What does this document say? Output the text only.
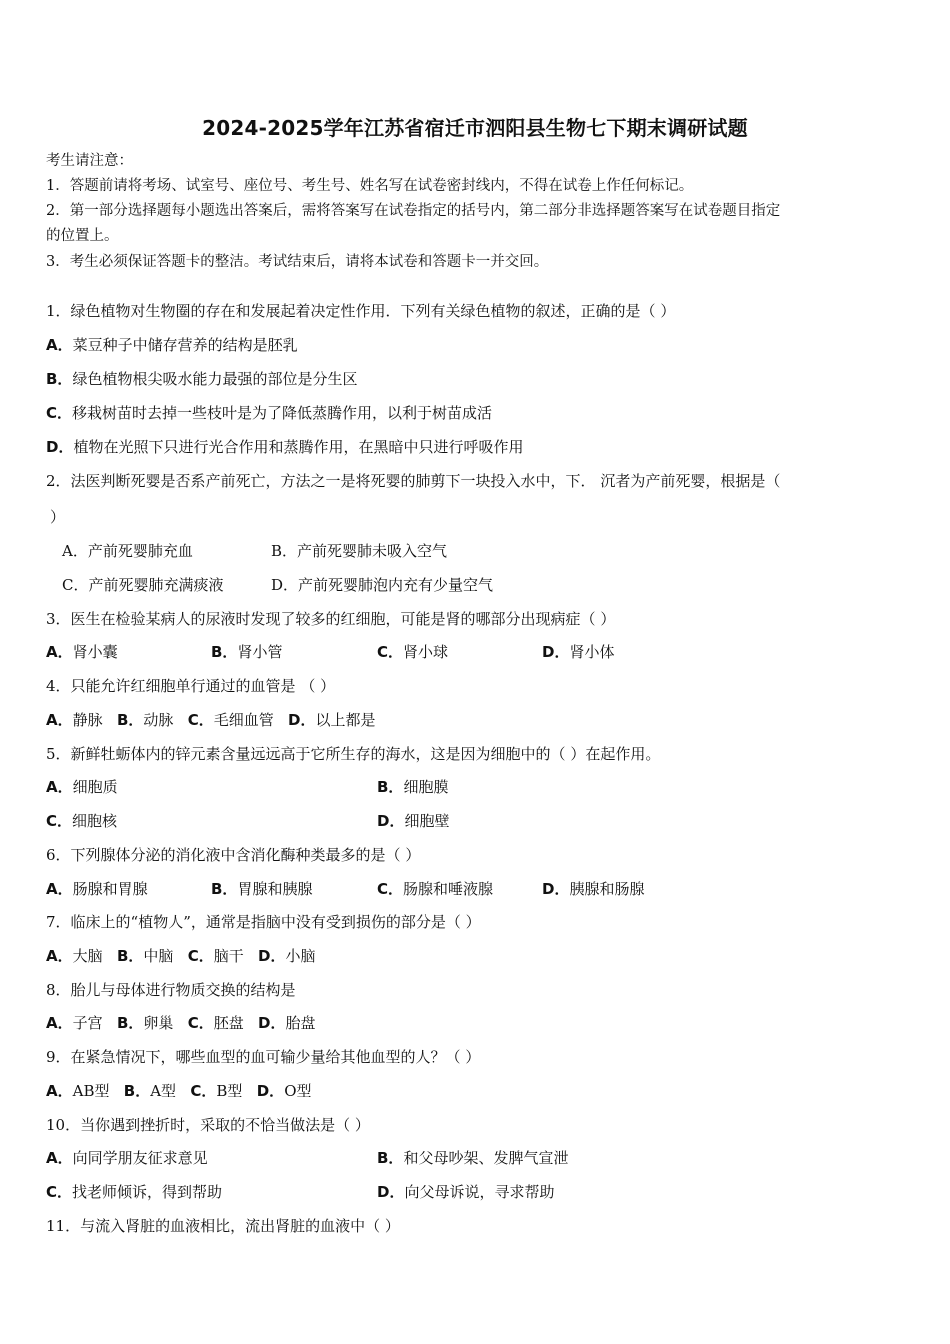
2024-2025学年江苏省宿迁市泗阳县生物七下期末调研试题
考生请注意：
1．答题前请将考场、试室号、座位号、考生号、姓名写在试卷密封线内，不得在试卷上作任何标记。
2．第一部分选择题每小题选出答案后，需将答案写在试卷指定的括号内，第二部分非选择题答案写在试卷题目指定
的位置上。
3．考生必须保证答题卡的整洁。考试结束后，请将本试卷和答题卡一并交回。
1．绿色植物对生物圈的存在和发展起着决定性作用．下列有关绿色植物的叙述，正确的是（ ）
A．菜豆种子中储存营养的结构是胚乳
B．绿色植物根尖吸水能力最强的部位是分生区
C．移栽树苗时去掉一些枝叶是为了降低蒸腾作用，以利于树苗成活
D．植物在光照下只进行光合作用和蒸腾作用，在黑暗中只进行呼吸作用
2．法医判断死婴是否系产前死亡，方法之一是将死婴的肺剪下一块投入水中，下． 沉者为产前死婴，根据是（
）
A．产前死婴肺充血	B．产前死婴肺未吸入空气
C．产前死婴肺充满痰液	D．产前死婴肺泡内充有少量空气
3．医生在检验某病人的尿液时发现了较多的红细胞，可能是肾的哪部分出现病症（ ）
A．肾小囊	B．肾小管	C．肾小球	D．肾小体
4．只能允许红细胞单行通过的血管是 （ ）
A．静脉 B．动脉 C．毛细血管 D．以上都是
5．新鲜牡蛎体内的锌元素含量远远高于它所生存的海水，这是因为细胞中的（ ）在起作用。
A．细胞质	B．细胞膜
C．细胞核	D．细胞壁
6．下列腺体分泌的消化液中含消化酶种类最多的是（ ）
A．肠腺和胃腺	B．胃腺和胰腺	C．肠腺和唾液腺	D．胰腺和肠腺
7．临床上的“植物人”，通常是指脑中没有受到损伤的部分是（ ）
A．大脑 B．中脑 C．脑干 D．小脑
8．胎儿与母体进行物质交换的结构是
A．子宫 B．卵巢 C．胚盘 D．胎盘
9．在紧急情况下，哪些血型的血可输少量给其他血型的人？（ ）
A．AB型 B．A型 C．B型 D．O型
10．当你遇到挫折时，采取的不恰当做法是（ ）
A．向同学朋友征求意见	B．和父母吵架、发脾气宣泄
C．找老师倾诉，得到帮助	D．向父母诉说，寻求帮助
11．与流入肾脏的血液相比，流出肾脏的血液中（ ）
